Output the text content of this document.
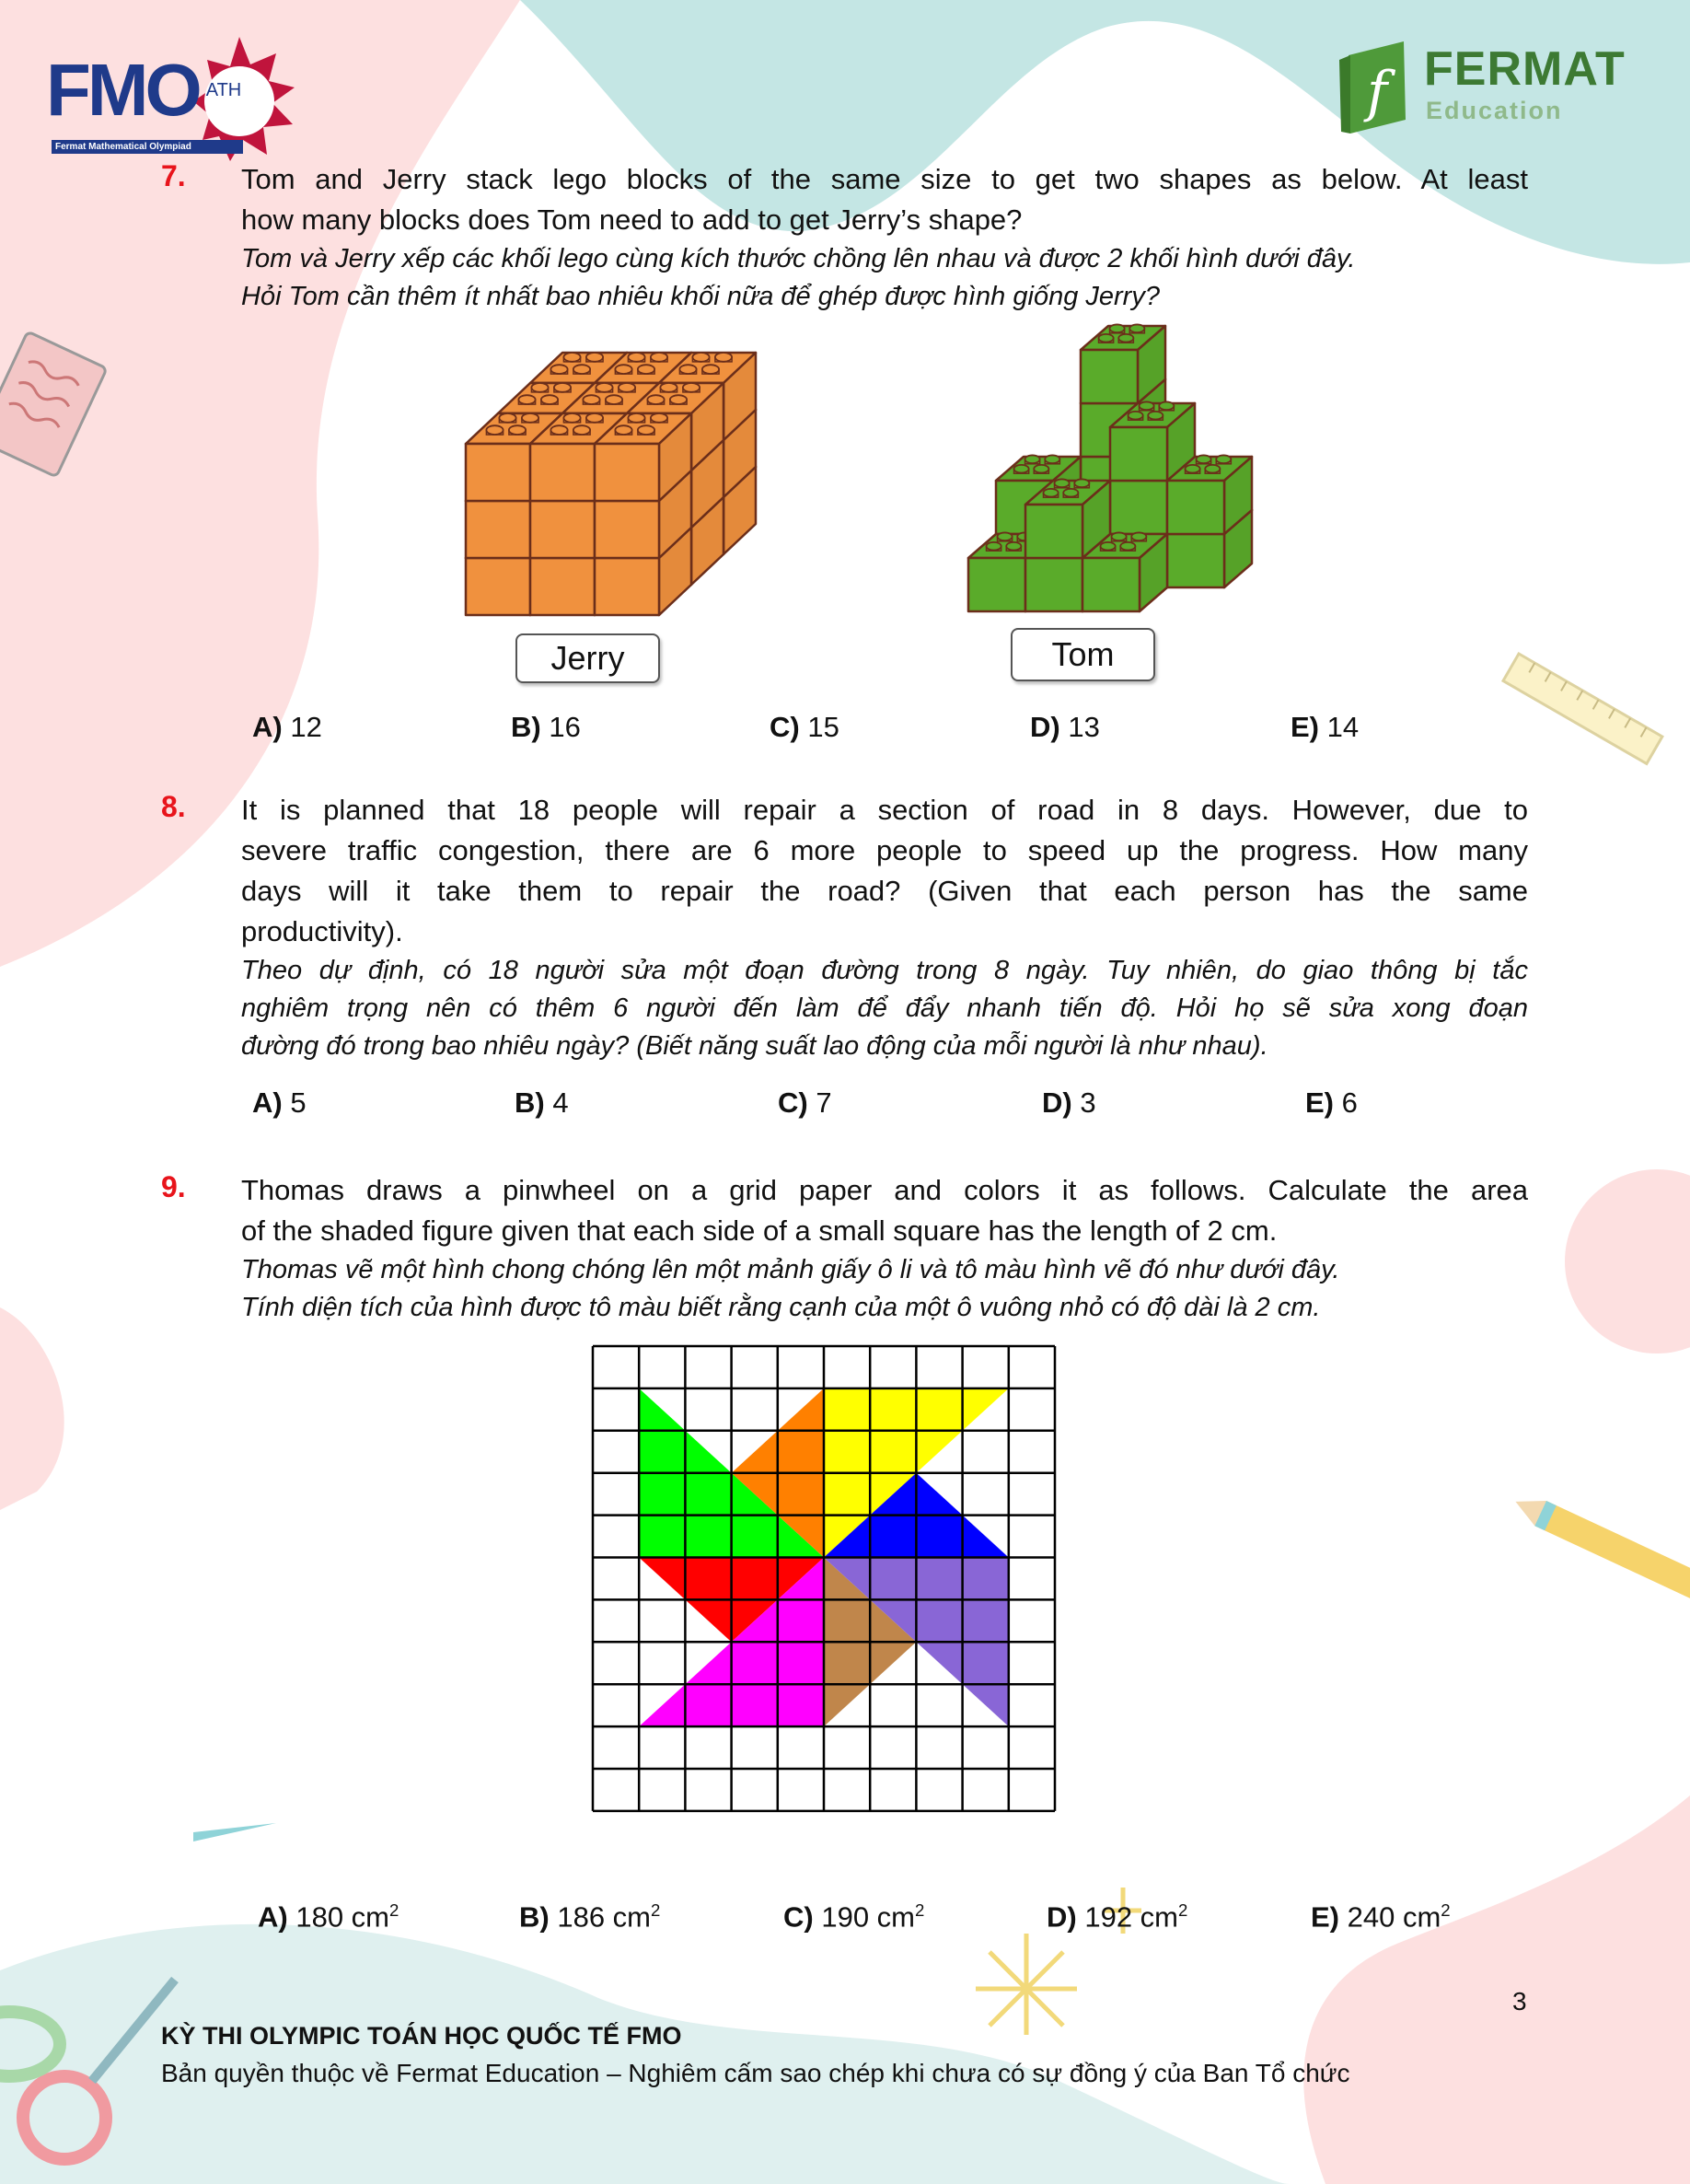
FMO ATH
Fermat Mathematical Olympiad
f FERMAT
Education
7. Tom and Jerry stack lego blocks of the same size to get two shapes as below. At least
how many blocks does Tom need to add to get Jerry’s shape?
Tom và Jerry xếp các khối lego cùng kích thước chồng lên nhau và được 2 khối hình dưới đây.
Hỏi Tom cần thêm ít nhất bao nhiêu khối nữa để ghép được hình giống Jerry?
Jerry	Tom
A) 12	B) 16	C) 15	D) 13	E) 14
8. It is planned that 18 people will repair a section of road in 8 days. However, due to
severe traffic congestion, there are 6 more people to speed up the progress. How many
days will it take them to repair the road? (Given that each person has the same
productivity).
Theo dự định, có 18 người sửa một đoạn đường trong 8 ngày. Tuy nhiên, do giao thông bị tắc
nghiêm trọng nên có thêm 6 người đến làm để đẩy nhanh tiến độ. Hỏi họ sẽ sửa xong đoạn
đường đó trong bao nhiêu ngày? (Biết năng suất lao động của mỗi người là như nhau).
A) 5	B) 4	C) 7	D) 3	E) 6
9. Thomas draws a pinwheel on a grid paper and colors it as follows. Calculate the area
of the shaded figure given that each side of a small square has the length of 2 cm.
Thomas vẽ một hình chong chóng lên một mảnh giấy ô li và tô màu hình vẽ đó như dưới đây.
Tính diện tích của hình được tô màu biết rằng cạnh của một ô vuông nhỏ có độ dài là 2 cm.
A) 180 $cm^2$	B) 186 $cm^2$	C) 190 $cm^2$	D) 192 $cm^2$	E) 240 $cm^2$
3
KỲ THI OLYMPIC TOÁN HỌC QUỐC TẾ FMO
Bản quyền thuộc về Fermat Education – Nghiêm cấm sao chép khi chưa có sự đồng ý của Ban Tổ chức
